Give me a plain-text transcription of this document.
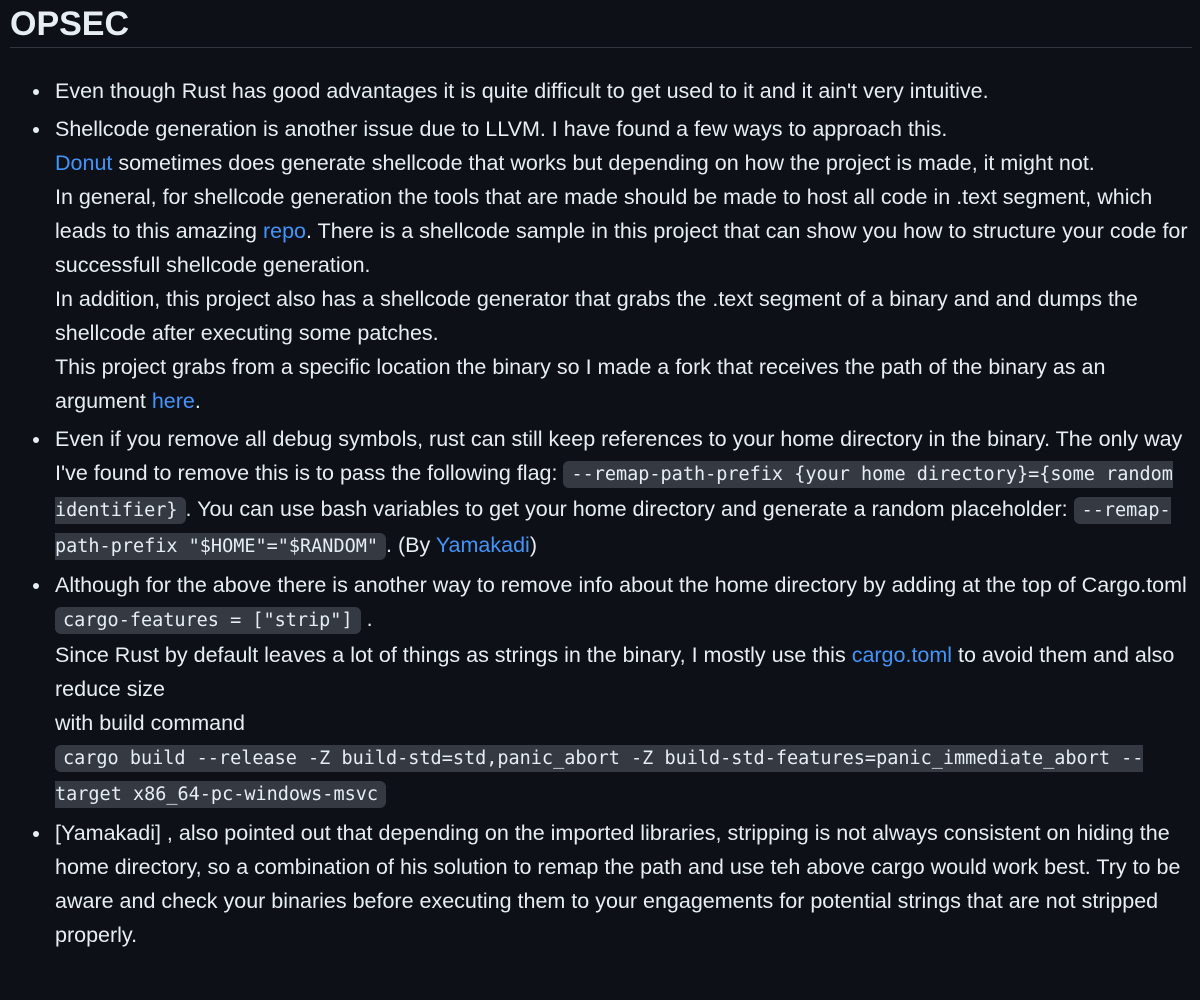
OPSEC
Even though Rust has good advantages it is quite difficult to get used to it and it ain't very intuitive.
Shellcode generation is another issue due to LLVM. I have found a few ways to approach this.
Donut sometimes does generate shellcode that works but depending on how the project is made, it might not.
In general, for shellcode generation the tools that are made should be made to host all code in .text segment, which leads to this amazing repo. There is a shellcode sample in this project that can show you how to structure your code for successfull shellcode generation.
In addition, this project also has a shellcode generator that grabs the .text segment of a binary and and dumps the shellcode after executing some patches.
This project grabs from a specific location the binary so I made a fork that receives the path of the binary as an argument here.
Even if you remove all debug symbols, rust can still keep references to your home directory in the binary. The only way I've found to remove this is to pass the following flag: --remap-path-prefix {your home directory}={some random identifier} . You can use bash variables to get your home directory and generate a random placeholder: --remap-path-prefix "$HOME"="$RANDOM" . (By Yamakadi)
Although for the above there is another way to remove info about the home directory by adding at the top of Cargo.toml
cargo-features = ["strip"] .
Since Rust by default leaves a lot of things as strings in the binary, I mostly use this cargo.toml to avoid them and also reduce size
with build command
cargo build --release -Z build-std=std,panic_abort -Z build-std-features=panic_immediate_abort --target x86_64-pc-windows-msvc
[Yamakadi] , also pointed out that depending on the imported libraries, stripping is not always consistent on hiding the home directory, so a combination of his solution to remap the path and use teh above cargo would work best. Try to be aware and check your binaries before executing them to your engagements for potential strings that are not stripped properly.
